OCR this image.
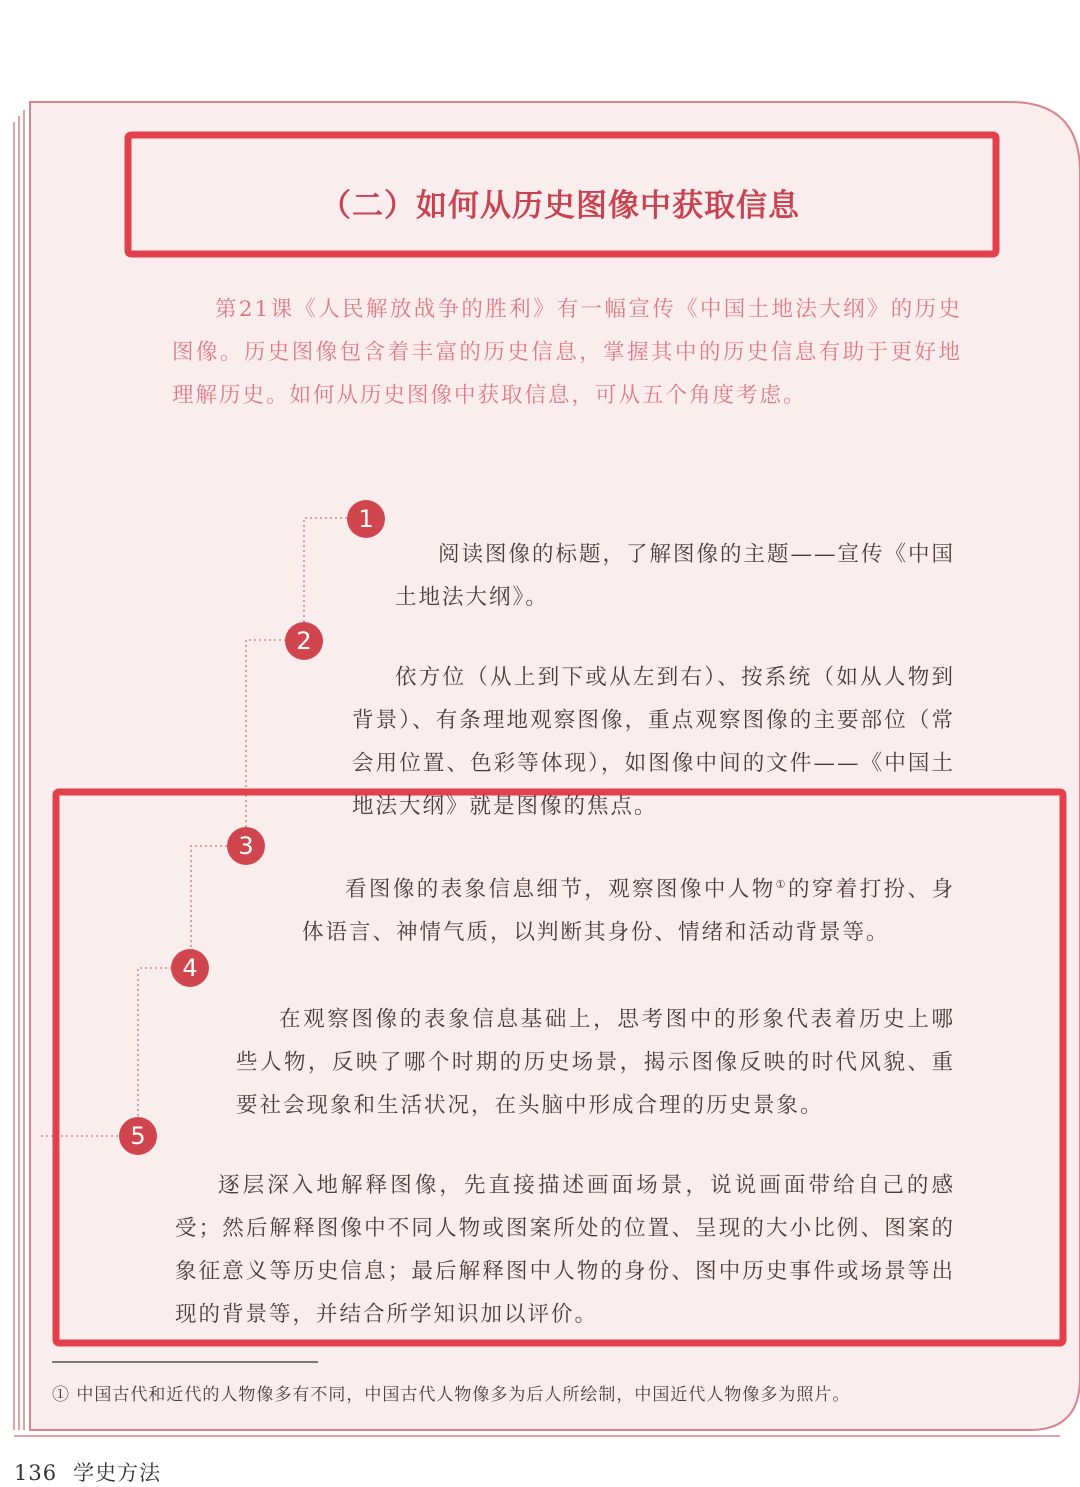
（二）如何从历史图像中获取信息
第21课《人民解放战争的胜利》有一幅宣传《中国土地法大纲》的历史图像。历史图像包含着丰富的历史信息，掌握其中的历史信息有助于更好地理解历史。如何从历史图像中获取信息，可从五个角度考虑。
1
2
3
4
5
阅读图像的标题，了解图像的主题——宣传《中国土地法大纲》。
依方位（从上到下或从左到右）、按系统（如从人物到背景）、有条理地观察图像，重点观察图像的主要部位（常会用位置、色彩等体现），如图像中间的文件——《中国土地法大纲》就是图像的焦点。
看图像的表象信息细节，观察图像中人物①的穿着打扮、身体语言、神情气质，以判断其身份、情绪和活动背景等。
在观察图像的表象信息基础上，思考图中的形象代表着历史上哪些人物，反映了哪个时期的历史场景，揭示图像反映的时代风貌、重要社会现象和生活状况，在头脑中形成合理的历史景象。
逐层深入地解释图像，先直接描述画面场景，说说画面带给自己的感受；然后解释图像中不同人物或图案所处的位置、呈现的大小比例、图案的象征意义等历史信息；最后解释图中人物的身份、图中历史事件或场景等出现的背景等，并结合所学知识加以评价。
① 中国古代和近代的人物像多有不同，中国古代人物像多为后人所绘制，中国近代人物像多为照片。
136 学史方法
